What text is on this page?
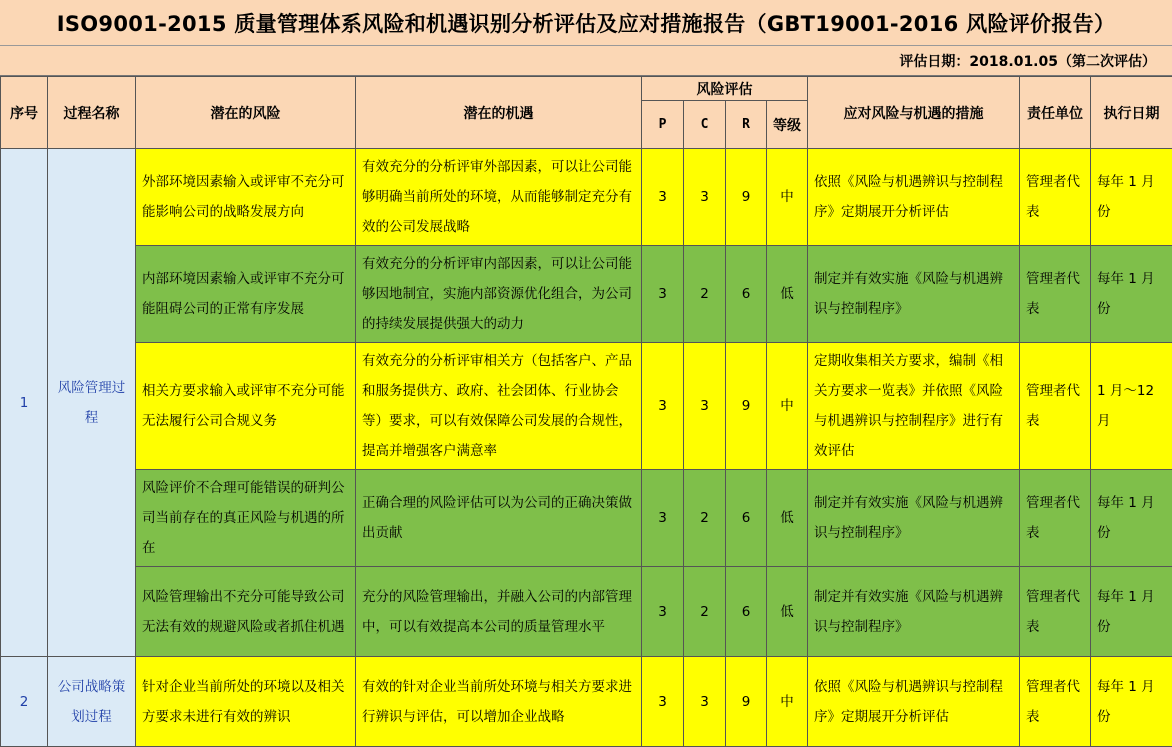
ISO9001-2015 质量管理体系风险和机遇识别分析评估及应对措施报告（GBT19001-2016 风险评价报告）
评估日期：2018.01.05（第二次评估）
序号	过程名称	潜在的风险	潜在的机遇	风险评估				应对风险与机遇的措施	责任单位	执行日期
				P	C	R	等级			
1	风险管理过程	外部环境因素输入或评审不充分可能影响公司的战略发展方向	有效充分的分析评审外部因素，可以让公司能够明确当前所处的环境，从而能够制定充分有效的公司发展战略	3	3	9	中	依照《风险与机遇辨识与控制程序》定期展开分析评估	管理者代表	每年 1 月份
		内部环境因素输入或评审不充分可能阻碍公司的正常有序发展	有效充分的分析评审内部因素，可以让公司能够因地制宜，实施内部资源优化组合，为公司的持续发展提供强大的动力	3	2	6	低	制定并有效实施《风险与机遇辨识与控制程序》	管理者代表	每年 1 月份
		相关方要求输入或评审不充分可能无法履行公司合规义务	有效充分的分析评审相关方（包括客户、产品和服务提供方、政府、社会团体、行业协会等）要求，可以有效保障公司发展的合规性，提高并增强客户满意率	3	3	9	中	定期收集相关方要求，编制《相关方要求一览表》并依照《风险与机遇辨识与控制程序》进行有效评估	管理者代表	1 月～12 月
		风险评价不合理可能错误的研判公司当前存在的真正风险与机遇的所在	正确合理的风险评估可以为公司的正确决策做出贡献	3	2	6	低	制定并有效实施《风险与机遇辨识与控制程序》	管理者代表	每年 1 月份
		风险管理输出不充分可能导致公司无法有效的规避风险或者抓住机遇	充分的风险管理输出，并融入公司的内部管理中，可以有效提高本公司的质量管理水平	3	2	6	低	制定并有效实施《风险与机遇辨识与控制程序》	管理者代表	每年 1 月份
2	公司战略策划过程	针对企业当前所处的环境以及相关方要求未进行有效的辨识	有效的针对企业当前所处环境与相关方要求进行辨识与评估，可以增加企业战略	3	3	9	中	依照《风险与机遇辨识与控制程序》定期展开分析评估	管理者代表	每年 1 月份
